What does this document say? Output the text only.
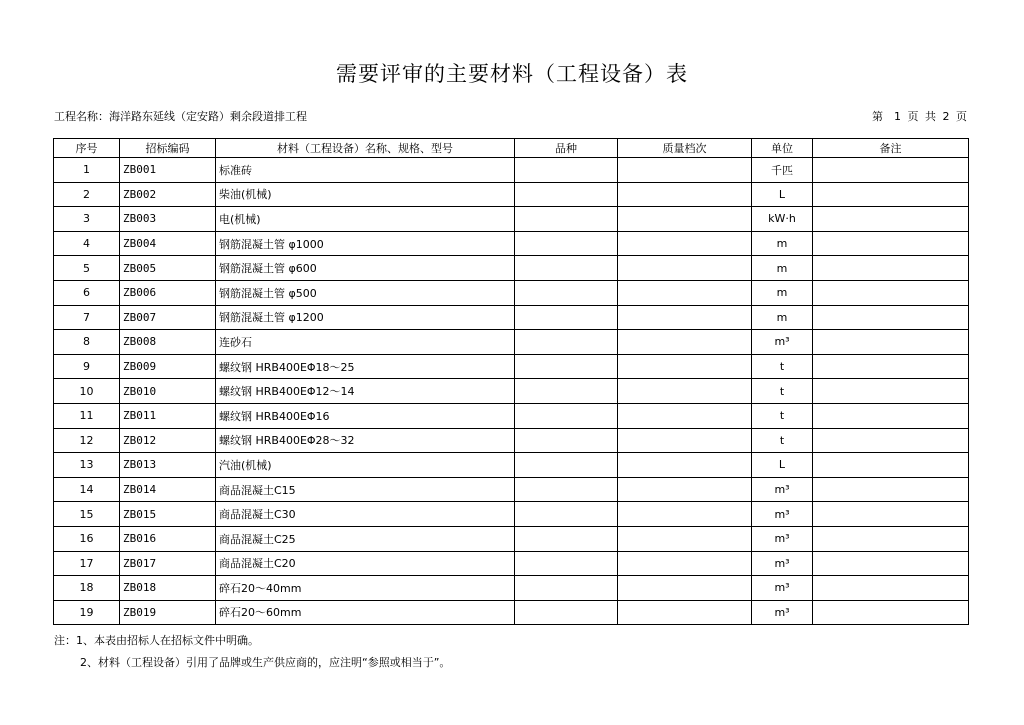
需要评审的主要材料（工程设备）表
工程名称：海洋路东延线（定安路）剩余段道排工程	第　1 页 共 2 页
序号	招标编码	材料（工程设备）名称、规格、型号	品种	质量档次	单位	备注
1	ZB001	标准砖			千匹	
2	ZB002	柴油(机械)			L	
3	ZB003	电(机械)			kW·h	
4	ZB004	钢筋混凝土管 φ1000			m	
5	ZB005	钢筋混凝土管 φ600			m	
6	ZB006	钢筋混凝土管 φ500			m	
7	ZB007	钢筋混凝土管 φ1200			m	
8	ZB008	连砂石			m³	
9	ZB009	螺纹钢 HRB400EΦ18～25			t	
10	ZB010	螺纹钢 HRB400EΦ12～14			t	
11	ZB011	螺纹钢 HRB400EΦ16			t	
12	ZB012	螺纹钢 HRB400EΦ28～32			t	
13	ZB013	汽油(机械)			L	
14	ZB014	商品混凝土C15			m³	
15	ZB015	商品混凝土C30			m³	
16	ZB016	商品混凝土C25			m³	
17	ZB017	商品混凝土C20			m³	
18	ZB018	碎石20～40mm			m³	
19	ZB019	碎石20～60mm			m³	
注：1、本表由招标人在招标文件中明确。
2、材料（工程设备）引用了品牌或生产供应商的，应注明“参照或相当于”。
